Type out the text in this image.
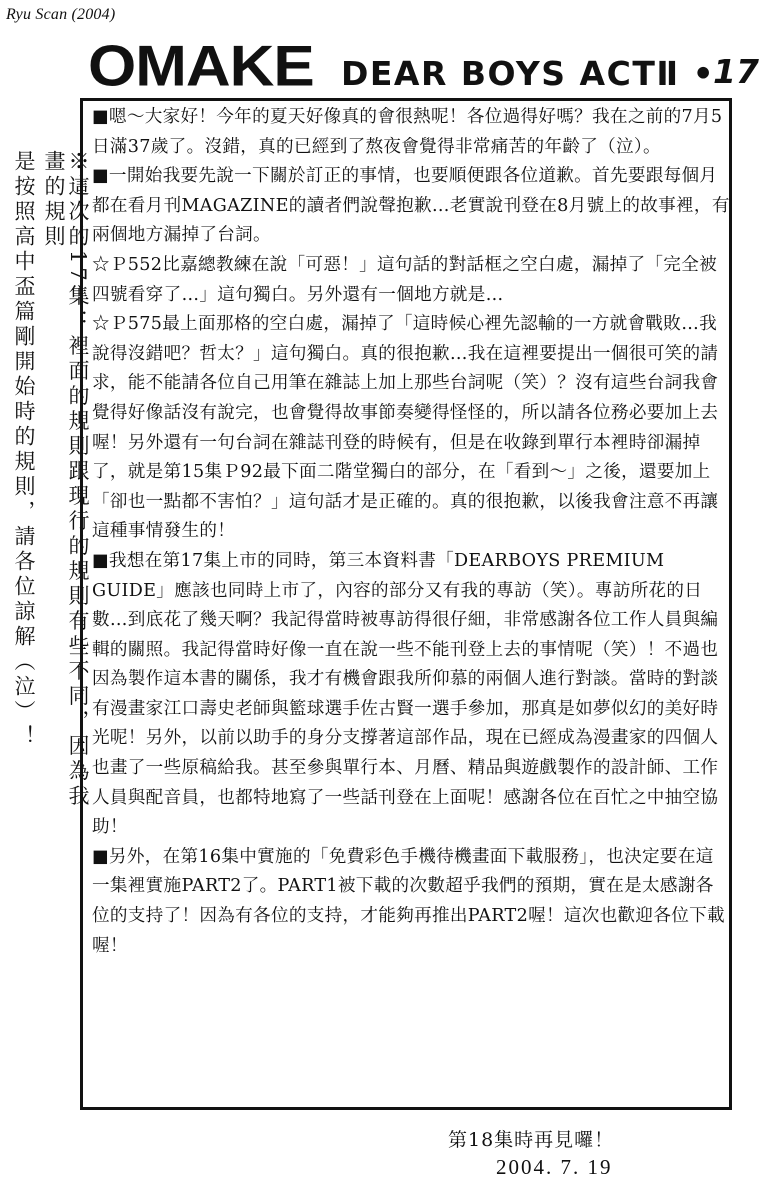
Ryu Scan (2004)
OMAKE DEAR BOYS ACTⅡ •
17
※這次的17集：裡面的規則跟現行的規則有些不同，因為我畫的規則
是按照高中盃篇剛開始時的規則，請各位諒解（泣）！

■嗯～大家好！今年的夏天好像真的會很熱呢！各位過得好嗎？我在之前的7月5日滿37歲了。沒錯，真的已經到了熬夜會覺得非常痛苦的年齡了（泣）。

■一開始我要先說一下關於訂正的事情，也要順便跟各位道歉。首先要跟每個月都在看月刊MAGAZINE的讀者們說聲抱歉…老實說刊登在8月號上的故事裡，有兩個地方漏掉了台詞。

☆Ｐ552比嘉總教練在說「可惡！」這句話的對話框之空白處，漏掉了「完全被四號看穿了…」這句獨白。另外還有一個地方就是…

☆Ｐ575最上面那格的空白處，漏掉了「這時候心裡先認輸的一方就會戰敗…我說得沒錯吧？哲太？」這句獨白。真的很抱歉…我在這裡要提出一個很可笑的請求，能不能請各位自己用筆在雜誌上加上那些台詞呢（笑）？沒有這些台詞我會覺得好像話沒有說完，也會覺得故事節奏變得怪怪的，所以請各位務必要加上去喔！另外還有一句台詞在雜誌刊登的時候有，但是在收錄到單行本裡時卻漏掉了，就是第15集Ｐ92最下面二階堂獨白的部分，在「看到～」之後，還要加上「卻也一點都不害怕？」這句話才是正確的。真的很抱歉，以後我會注意不再讓這種事情發生的！

■我想在第17集上市的同時，第三本資料書「DEARBOYS PREMIUM GUIDE」應該也同時上市了，內容的部分又有我的專訪（笑）。專訪所花的日數…到底花了幾天啊？我記得當時被專訪得很仔細，非常感謝各位工作人員與編輯的關照。我記得當時好像一直在說一些不能刊登上去的事情呢（笑）！不過也因為製作這本書的關係，我才有機會跟我所仰慕的兩個人進行對談。當時的對談有漫畫家江口壽史老師與籃球選手佐古賢一選手參加，那真是如夢似幻的美好時光呢！另外，以前以助手的身分支撐著這部作品，現在已經成為漫畫家的四個人也畫了一些原稿給我。甚至參與單行本、月曆、精品與遊戲製作的設計師、工作人員與配音員，也都特地寫了一些話刊登在上面呢！感謝各位在百忙之中抽空協助！

■另外，在第16集中實施的「免費彩色手機待機畫面下載服務」，也決定要在這一集裡實施PART2了。PART1被下載的次數超乎我們的預期，實在是太感謝各位的支持了！因為有各位的支持，才能夠再推出PART2喔！這次也歡迎各位下載喔！

第18集時再見囉！
2004. 7. 19
